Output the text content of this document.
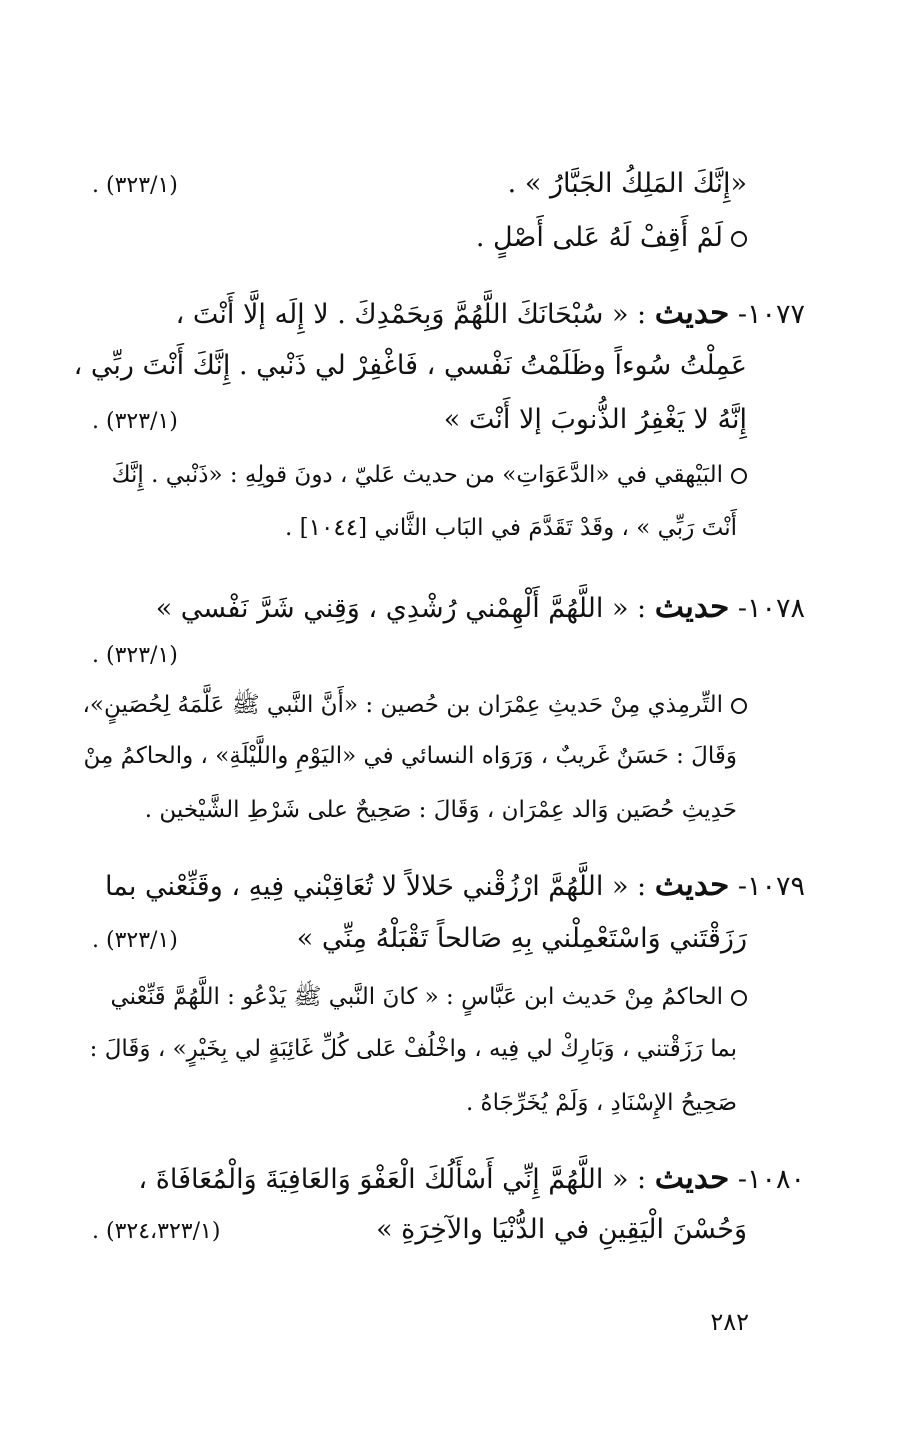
«إِنَّكَ المَلِكُ الجَبَّارُ » .
(٣٢٣/١) .
لَمْ أَقِفْ لَهُ عَلى أَصْلٍ .
١٠٧٧- حديث : « سُبْحَانَكَ اللَّهُمَّ وَبِحَمْدِكَ . لا إِلَه إلَّا أَنْتَ ،
عَمِلْتُ سُوءاً وظَلَمْتُ نَفْسي ، فَاغْفِرْ لي ذَنْبي . إِنَّكَ أَنْتَ ربِّي ،
إِنَّهُ لا يَغْفِرُ الذُّنوبَ إلا أَنْتَ »
(٣٢٣/١) .
البَيْهقي في «الدَّعَوَاتِ» من حديث عَليّ ، دونَ قولِهِ : «ذَنْبي . إِنَّكَ
أَنْتَ رَبِّي » ، وقَدْ تَقَدَّمَ في البَاب الثَّاني [١٠٤٤] .
١٠٧٨- حديث : « اللَّهُمَّ أَلْهِمْني رُشْدِي ، وَقِني شَرَّ نَفْسي »
(٣٢٣/١) .
التِّرمِذي مِنْ حَديثِ عِمْرَان بن حُصين : «أَنَّ النَّبي ﷺ عَلَّمَهُ لِحُصَينٍ»،
وَقَالَ : حَسَنٌ غَريبٌ ، وَرَوَاه النسائي في «اليَوْمِ واللَّيْلَةِ» ، والحاكمُ مِنْ
حَدِيثِ حُصَين وَالد عِمْرَان ، وَقَالَ : صَحِيحٌ على شَرْطِ الشَّيْخين .
١٠٧٩- حديث : « اللَّهُمَّ ارْزُقْني حَلالاً لا تُعَاقِبْني فِيهِ ، وقَنِّعْني بما
رَزَقْتَني وَاسْتَعْمِلْني بِهِ صَالحاً تَقْبَلْهُ مِنِّي »
(٣٢٣/١) .
الحاكمُ مِنْ حَديث ابن عَبَّاسٍ : « كانَ النَّبي ﷺ يَدْعُو : اللَّهُمَّ قَنِّعْني
بما رَزَقْتني ، وَبَارِكْ لي فِيه ، واخْلُفْ عَلى كُلِّ غَائِبَةٍ لي بِخَيْرٍ» ، وَقَالَ :
صَحِيحُ الإِسْنَادِ ، وَلَمْ يُخَرِّجَاهُ .
١٠٨٠- حديث : « اللَّهُمَّ إِنِّي أَسْأَلُكَ الْعَفْوَ وَالعَافِيَةَ وَالْمُعَافَاةَ ،
وَحُسْنَ الْيَقِينِ في الدُّنْيَا والآخِرَةِ »
(٣٢٤،٣٢٣/١) .
٢٨٢
